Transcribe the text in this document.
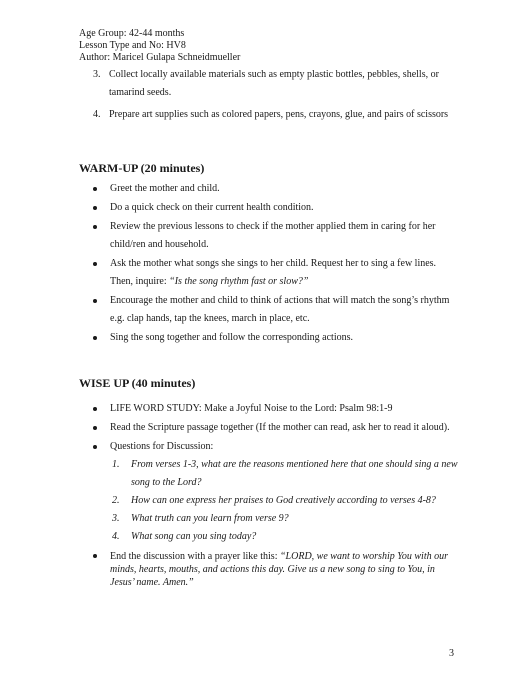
Age Group: 42-44 months
Lesson Type and No: HV8
Author: Maricel Gulapa Schneidmueller
3. Collect locally available materials such as empty plastic bottles, pebbles, shells, or tamarind seeds.
4. Prepare art supplies such as colored papers, pens, crayons, glue, and pairs of scissors
WARM-UP (20 minutes)
Greet the mother and child.
Do a quick check on their current health condition.
Review the previous lessons to check if the mother applied them in caring for her child/ren and household.
Ask the mother what songs she sings to her child. Request her to sing a few lines. Then, inquire: “Is the song rhythm fast or slow?”
Encourage the mother and child to think of actions that will match the song’s rhythm e.g. clap hands, tap the knees, march in place, etc.
Sing the song together and follow the corresponding actions.
WISE UP (40 minutes)
LIFE WORD STUDY: Make a Joyful Noise to the Lord: Psalm 98:1-9
Read the Scripture passage together (If the mother can read, ask her to read it aloud).
Questions for Discussion:
1. From verses 1-3, what are the reasons mentioned here that one should sing a new song to the Lord?
2. How can one express her praises to God creatively according to verses 4-8?
3. What truth can you learn from verse 9?
4. What song can you sing today?
End the discussion with a prayer like this: “LORD, we want to worship You with our minds, hearts, mouths, and actions this day. Give us a new song to sing to You, in Jesus’ name. Amen.”
3
